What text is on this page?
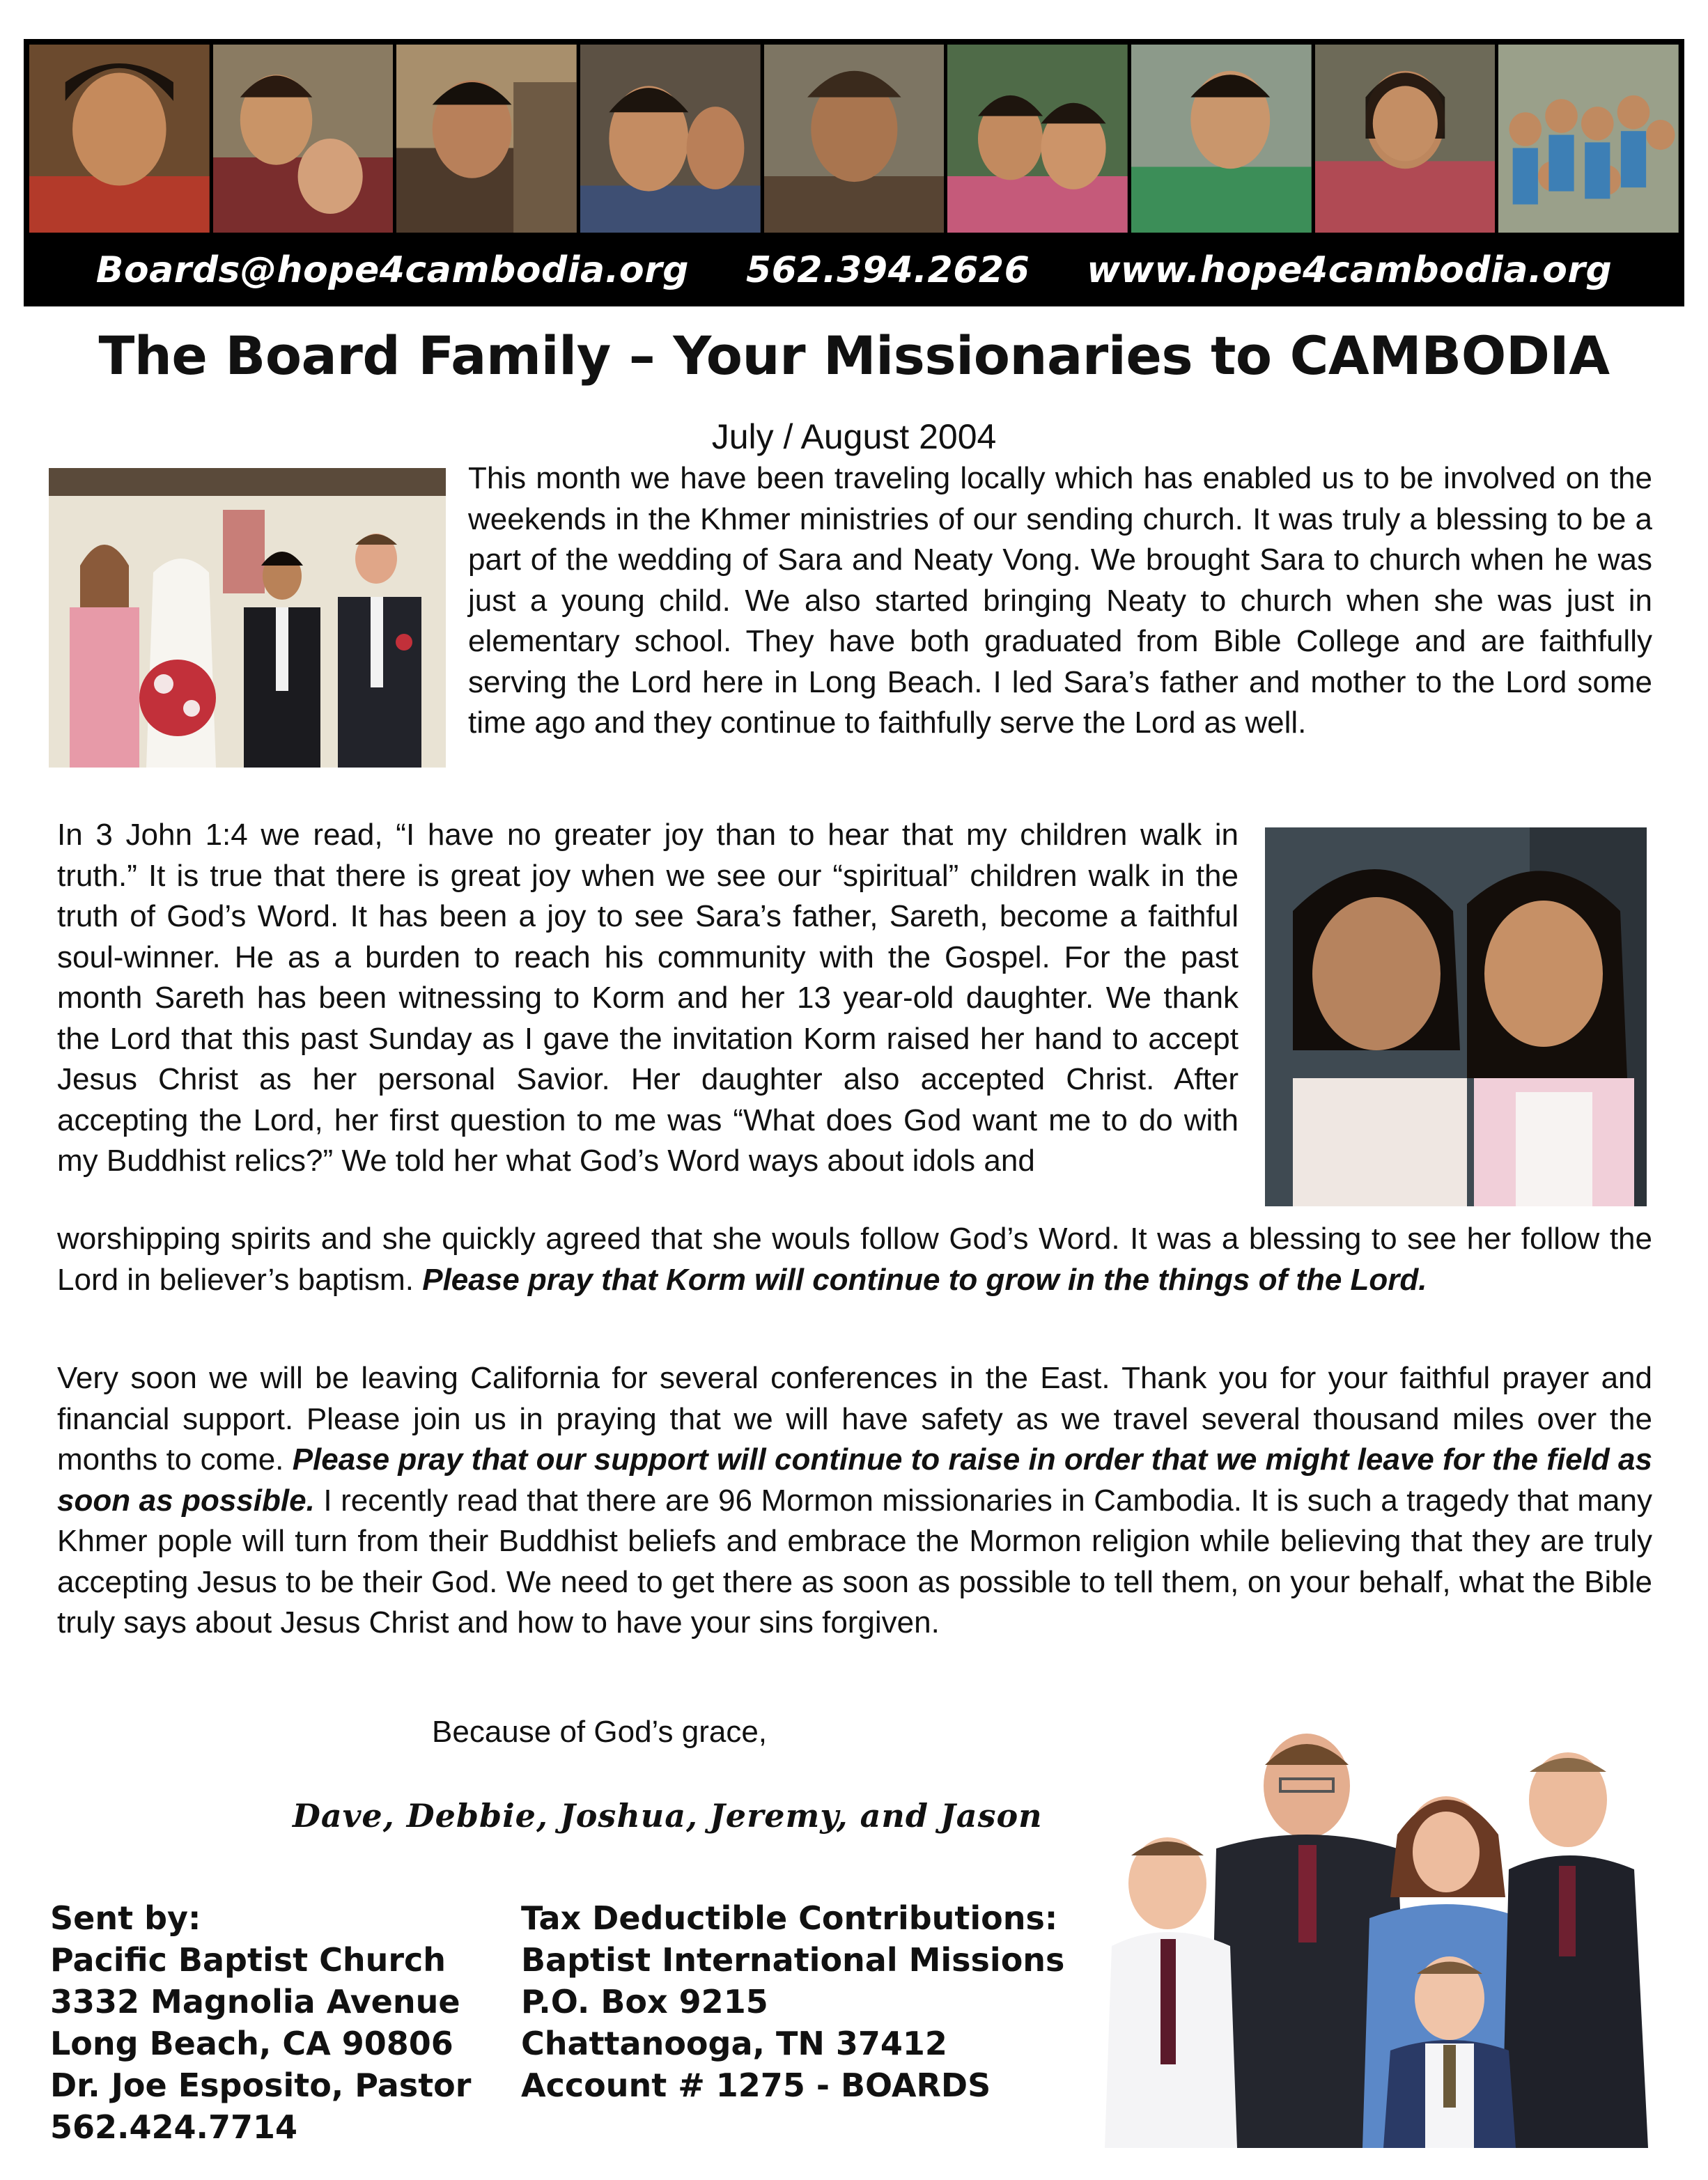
Boards@hope4cambodia.org 562.394.2626 www.hope4cambodia.org
The Board Family – Your Missionaries to CAMBODIA
July / August 2004

This month we have been traveling locally which has enabled us to be involved on the weekends in the Khmer ministries of our sending church. It was truly a blessing to be a part of the wedding of Sara and Neaty Vong. We brought Sara to church when he was just a young child. We also started bringing Neaty to church when she was just in elementary school. They have both graduated from Bible College and are faithfully serving the Lord here in Long Beach. I led Sara’s father and mother to the Lord some time ago and they continue to faithfully serve the Lord as well.

In 3 John 1:4 we read, “I have no greater joy than to hear that my children walk in truth.” It is true that there is great joy when we see our “spiritual” children walk in the truth of God’s Word. It has been a joy to see Sara’s father, Sareth, become a faithful soul-winner. He as a burden to reach his community with the Gospel. For the past month Sareth has been witnessing to Korm and her 13 year-old daughter. We thank the Lord that this past Sunday as I gave the invitation Korm raised her hand to accept Jesus Christ as her personal Savior. Her daughter also accepted Christ. After accepting the Lord, her first question to me was “What does God want me to do with my Buddhist relics?” We told her what God’s Word ways about idols and

worshipping spirits and she quickly agreed that she wouls follow God’s Word. It was a blessing to see her follow the Lord in believer’s baptism. Please pray that Korm will continue to grow in the things of the Lord.

Very soon we will be leaving California for several conferences in the East. Thank you for your faithful prayer and financial support. Please join us in praying that we will have safety as we travel several thousand miles over the months to come. Please pray that our support will continue to raise in order that we might leave for the field as soon as possible. I recently read that there are 96 Mormon missionaries in Cambodia. It is such a tragedy that many Khmer pople will turn from their Buddhist beliefs and embrace the Mormon religion while believing that they are truly accepting Jesus to be their God. We need to get there as soon as possible to tell them, on your behalf, what the Bible truly says about Jesus Christ and how to have your sins forgiven.

Because of God’s grace,
Dave, Debbie, Joshua, Jeremy, and Jason
Sent by:
Pacific Baptist Church
3332 Magnolia Avenue
Long Beach, CA 90806
Dr. Joe Esposito, Pastor
562.424.7714
Tax Deductible Contributions:
Baptist International Missions
P.O. Box 9215
Chattanooga, TN 37412
Account # 1275 - BOARDS
